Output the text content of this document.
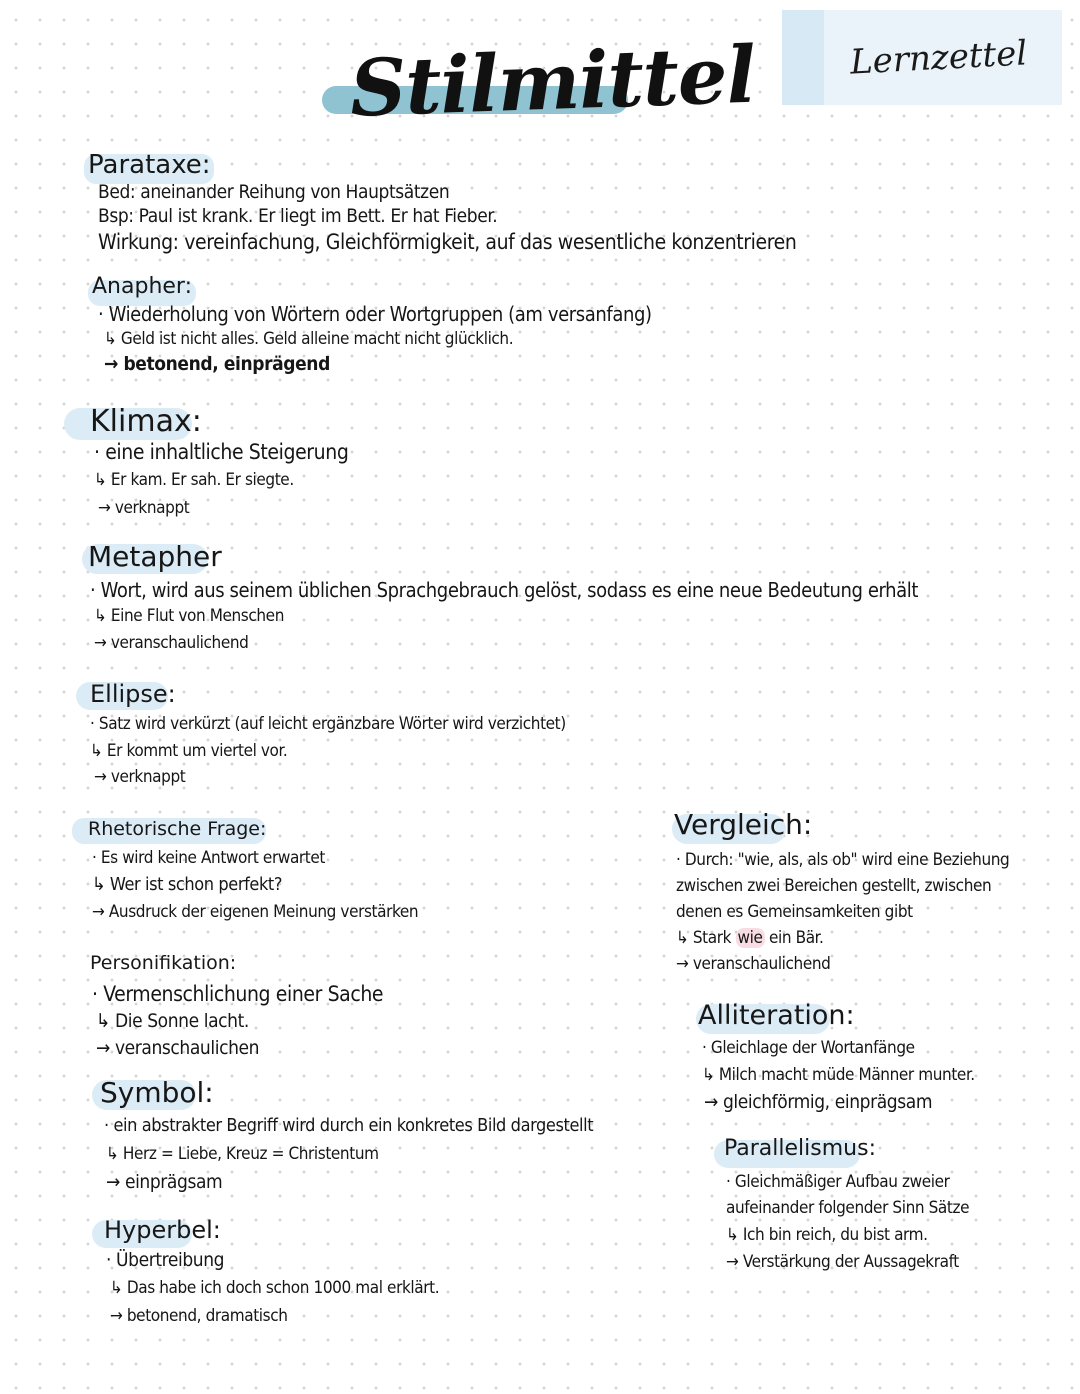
Stilmittel	Lernzettel
Parataxe:
Bed: aneinander Reihung von Hauptsätzen
Bsp: Paul ist krank. Er liegt im Bett. Er hat Fieber.
Wirkung: vereinfachung, Gleichförmigkeit, auf das wesentliche konzentrieren
Anapher:
· Wiederholung von Wörtern oder Wortgruppen (am versanfang)
↳ Geld ist nicht alles. Geld alleine macht nicht glücklich.
→ betonend, einprägend
Klimax:
· eine inhaltliche Steigerung
↳ Er kam. Er sah. Er siegte.
→ verknappt
Metapher
· Wort, wird aus seinem üblichen Sprachgebrauch gelöst, sodass es eine neue Bedeutung erhält
↳ Eine Flut von Menschen
→ veranschaulichend
Ellipse:
· Satz wird verkürzt (auf leicht ergänzbare Wörter wird verzichtet)
↳ Er kommt um viertel vor.
→ verknappt
Rhetorische Frage:
· Es wird keine Antwort erwartet
↳ Wer ist schon perfekt?
→ Ausdruck der eigenen Meinung verstärken
Personifikation:
· Vermenschlichung einer Sache
↳ Die Sonne lacht.
→ veranschaulichen
Symbol:
· ein abstrakter Begriff wird durch ein konkretes Bild dargestellt
↳ Herz = Liebe, Kreuz = Christentum
→ einprägsam
Hyperbel:
· Übertreibung
↳ Das habe ich doch schon 1000 mal erklärt.
→ betonend, dramatisch
Vergleich:
· Durch: "wie, als, als ob" wird eine Beziehung
zwischen zwei Bereichen gestellt, zwischen
denen es Gemeinsamkeiten gibt
↳ Stark wie ein Bär.
→ veranschaulichend
Alliteration:
· Gleichlage der Wortanfänge
↳ Milch macht müde Männer munter.
→ gleichförmig, einprägsam
Parallelismus:
· Gleichmäßiger Aufbau zweier
aufeinander folgender Sinn Sätze
↳ Ich bin reich, du bist arm.
→ Verstärkung der Aussagekraft
